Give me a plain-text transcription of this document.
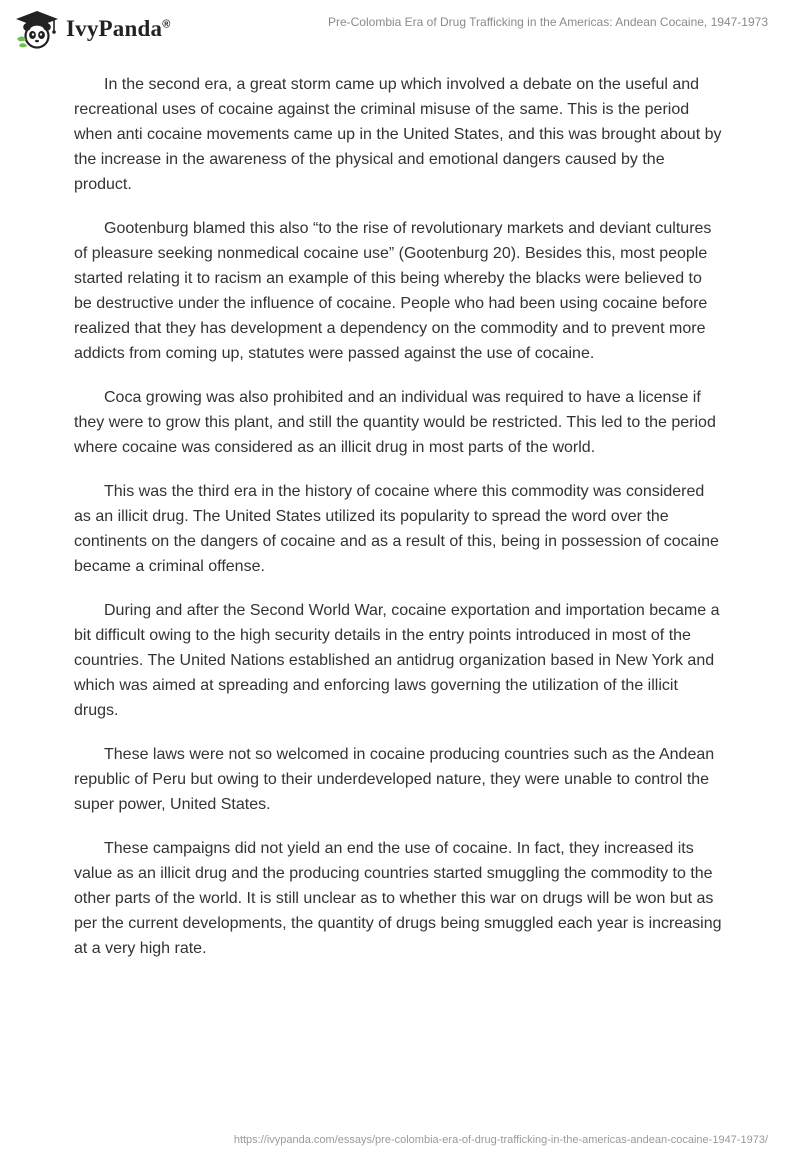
IvyPanda®	Pre-Colombia Era of Drug Trafficking in the Americas: Andean Cocaine, 1947-1973

In the second era, a great storm came up which involved a debate on the useful and recreational uses of cocaine against the criminal misuse of the same. This is the period when anti cocaine movements came up in the United States, and this was brought about by the increase in the awareness of the physical and emotional dangers caused by the product.

Gootenburg blamed this also “to the rise of revolutionary markets and deviant cultures of pleasure seeking nonmedical cocaine use” (Gootenburg 20). Besides this, most people started relating it to racism an example of this being whereby the blacks were believed to be destructive under the influence of cocaine. People who had been using cocaine before realized that they has development a dependency on the commodity and to prevent more addicts from coming up, statutes were passed against the use of cocaine.

Coca growing was also prohibited and an individual was required to have a license if they were to grow this plant, and still the quantity would be restricted. This led to the period where cocaine was considered as an illicit drug in most parts of the world.

This was the third era in the history of cocaine where this commodity was considered as an illicit drug. The United States utilized its popularity to spread the word over the continents on the dangers of cocaine and as a result of this, being in possession of cocaine became a criminal offense.

During and after the Second World War, cocaine exportation and importation became a bit difficult owing to the high security details in the entry points introduced in most of the countries. The United Nations established an antidrug organization based in New York and which was aimed at spreading and enforcing laws governing the utilization of the illicit drugs.

These laws were not so welcomed in cocaine producing countries such as the Andean republic of Peru but owing to their underdeveloped nature, they were unable to control the super power, United States.

These campaigns did not yield an end the use of cocaine. In fact, they increased its value as an illicit drug and the producing countries started smuggling the commodity to the other parts of the world. It is still unclear as to whether this war on drugs will be won but as per the current developments, the quantity of drugs being smuggled each year is increasing at a very high rate.

https://ivypanda.com/essays/pre-colombia-era-of-drug-trafficking-in-the-americas-andean-cocaine-1947-1973/
